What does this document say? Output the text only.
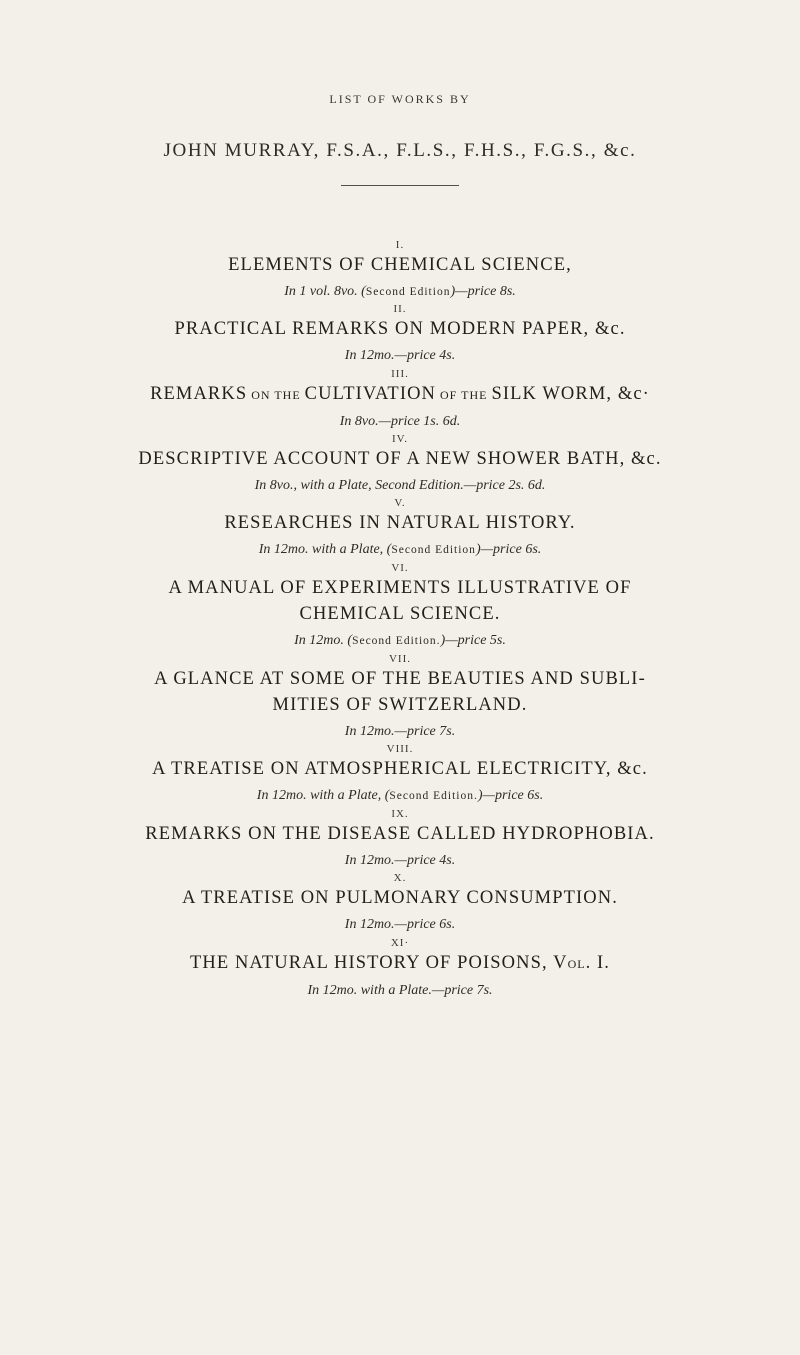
LIST OF WORKS BY
JOHN MURRAY, F.S.A., F.L.S., F.H.S., F.G.S., &c.
I.
ELEMENTS OF CHEMICAL SCIENCE,
In 1 vol. 8vo. (Second Edition)—price 8s.
II.
PRACTICAL REMARKS ON MODERN PAPER, &c.
In 12mo.—price 4s.
III.
REMARKS ON THE CULTIVATION OF THE SILK WORM, &c·
In 8vo.—price 1s. 6d.
IV.
DESCRIPTIVE ACCOUNT OF A NEW SHOWER BATH, &c.
In 8vo., with a Plate, Second Edition.—price 2s. 6d.
V.
RESEARCHES IN NATURAL HISTORY.
In 12mo. with a Plate, (Second Edition)—price 6s.
VI.
A MANUAL OF EXPERIMENTS ILLUSTRATIVE OF
CHEMICAL SCIENCE.
In 12mo. (Second Edition.)—price 5s.
VII.
A GLANCE AT SOME OF THE BEAUTIES AND SUBLI-
MITIES OF SWITZERLAND.
In 12mo.—price 7s.
VIII.
A TREATISE ON ATMOSPHERICAL ELECTRICITY, &c.
In 12mo. with a Plate, (Second Edition.)—price 6s.
IX.
REMARKS ON THE DISEASE CALLED HYDROPHOBIA.
In 12mo.—price 4s.
X.
A TREATISE ON PULMONARY CONSUMPTION.
In 12mo.—price 6s.
XI·
THE NATURAL HISTORY OF POISONS, VOL. I.
In 12mo. with a Plate.—price 7s.
